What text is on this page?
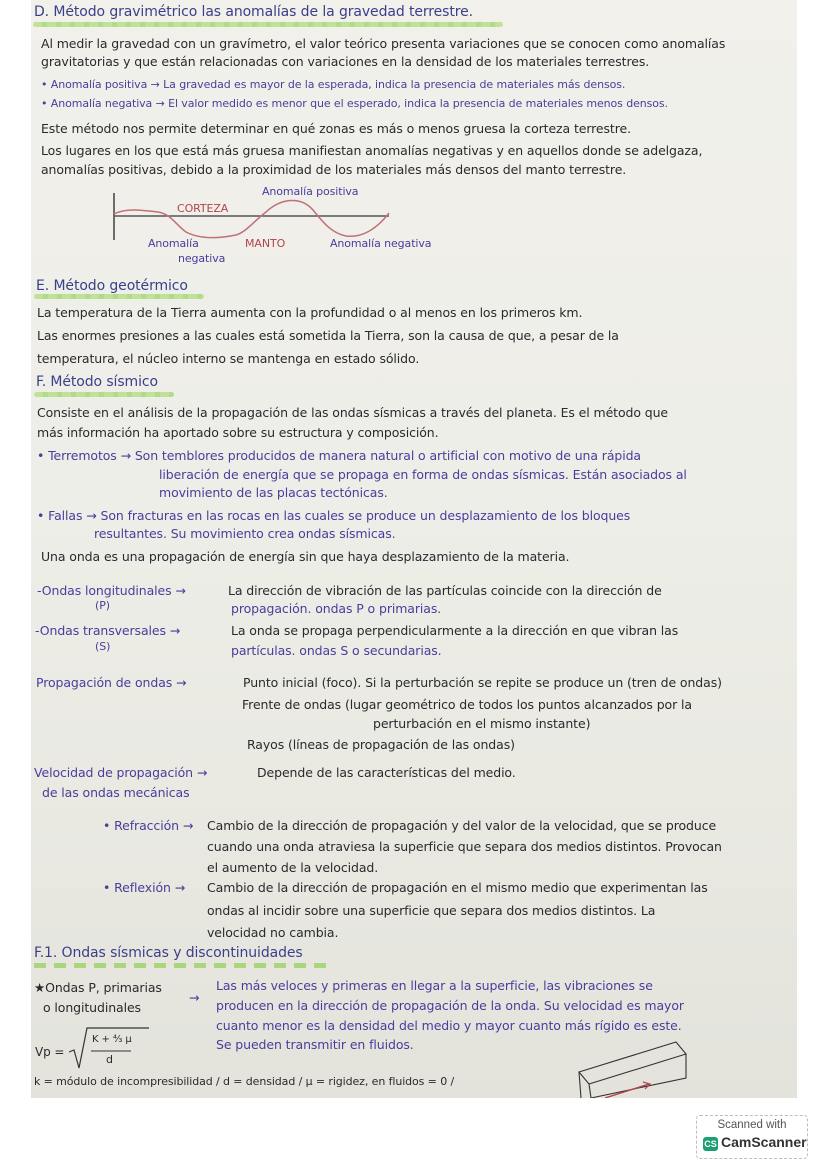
D. Método gravimétrico las anomalías de la gravedad terrestre.
Al medir la gravedad con un gravímetro, el valor teórico presenta variaciones que se conocen como anomalías
gravitatorias y que están relacionadas con variaciones en la densidad de los materiales terrestres.
• Anomalía positiva → La gravedad es mayor de la esperada, indica la presencia de materiales más densos.
• Anomalía negativa → El valor medido es menor que el esperado, indica la presencia de materiales menos densos.
Este método nos permite determinar en qué zonas es más o menos gruesa la corteza terrestre.
Los lugares en los que está más gruesa manifiestan anomalías negativas y en aquellos donde se adelgaza,
anomalías positivas, debido a la proximidad de los materiales más densos del manto terrestre.
Anomalía positiva
CORTEZA
Anomalía
negativa
MANTO	Anomalía negativa
E. Método geotérmico
La temperatura de la Tierra aumenta con la profundidad o al menos en los primeros km.
Las enormes presiones a las cuales está sometida la Tierra, son la causa de que, a pesar de la
temperatura, el núcleo interno se mantenga en estado sólido.
F. Método sísmico
Consiste en el análisis de la propagación de las ondas sísmicas a través del planeta. Es el método que
más información ha aportado sobre su estructura y composición.
• Terremotos → Son temblores producidos de manera natural o artificial con motivo de una rápida
liberación de energía que se propaga en forma de ondas sísmicas. Están asociados al
movimiento de las placas tectónicas.
• Fallas → Son fracturas en las rocas en las cuales se produce un desplazamiento de los bloques
resultantes. Su movimiento crea ondas sísmicas.
Una onda es una propagación de energía sin que haya desplazamiento de la materia.
-Ondas longitudinales →
(P)
La dirección de vibración de las partículas coincide con la dirección de
propagación. ondas P o primarias.
-Ondas transversales →
(S)
La onda se propaga perpendicularmente a la dirección en que vibran las
partículas. ondas S o secundarias.
Propagación de ondas →	Punto inicial (foco). Si la perturbación se repite se produce un (tren de ondas)
Frente de ondas (lugar geométrico de todos los puntos alcanzados por la
perturbación en el mismo instante)
Rayos (líneas de propagación de las ondas)
Velocidad de propagación →
de las ondas mecánicas
Depende de las características del medio.
• Refracción → Cambio de la dirección de propagación y del valor de la velocidad, que se produce
cuando una onda atraviesa la superficie que separa dos medios distintos. Provocan
el aumento de la velocidad.
• Reflexión → Cambio de la dirección de propagación en el mismo medio que experimentan las
ondas al incidir sobre una superficie que separa dos medios distintos. La
velocidad no cambia.
F.1. Ondas sísmicas y discontinuidades
★Ondas P, primarias
o longitudinales
→
Las más veloces y primeras en llegar a la superficie, las vibraciones se
producen en la dirección de propagación de la onda. Su velocidad es mayor
cuanto menor es la densidad del medio y mayor cuanto más rígido es este.
Se pueden transmitir en fluidos.
Vp =
K + ⁴⁄₃ μ
d
k = módulo de incompresibilidad / d = densidad / μ = rigidez, en fluidos = 0 /
Scanned with
CS CamScanner
